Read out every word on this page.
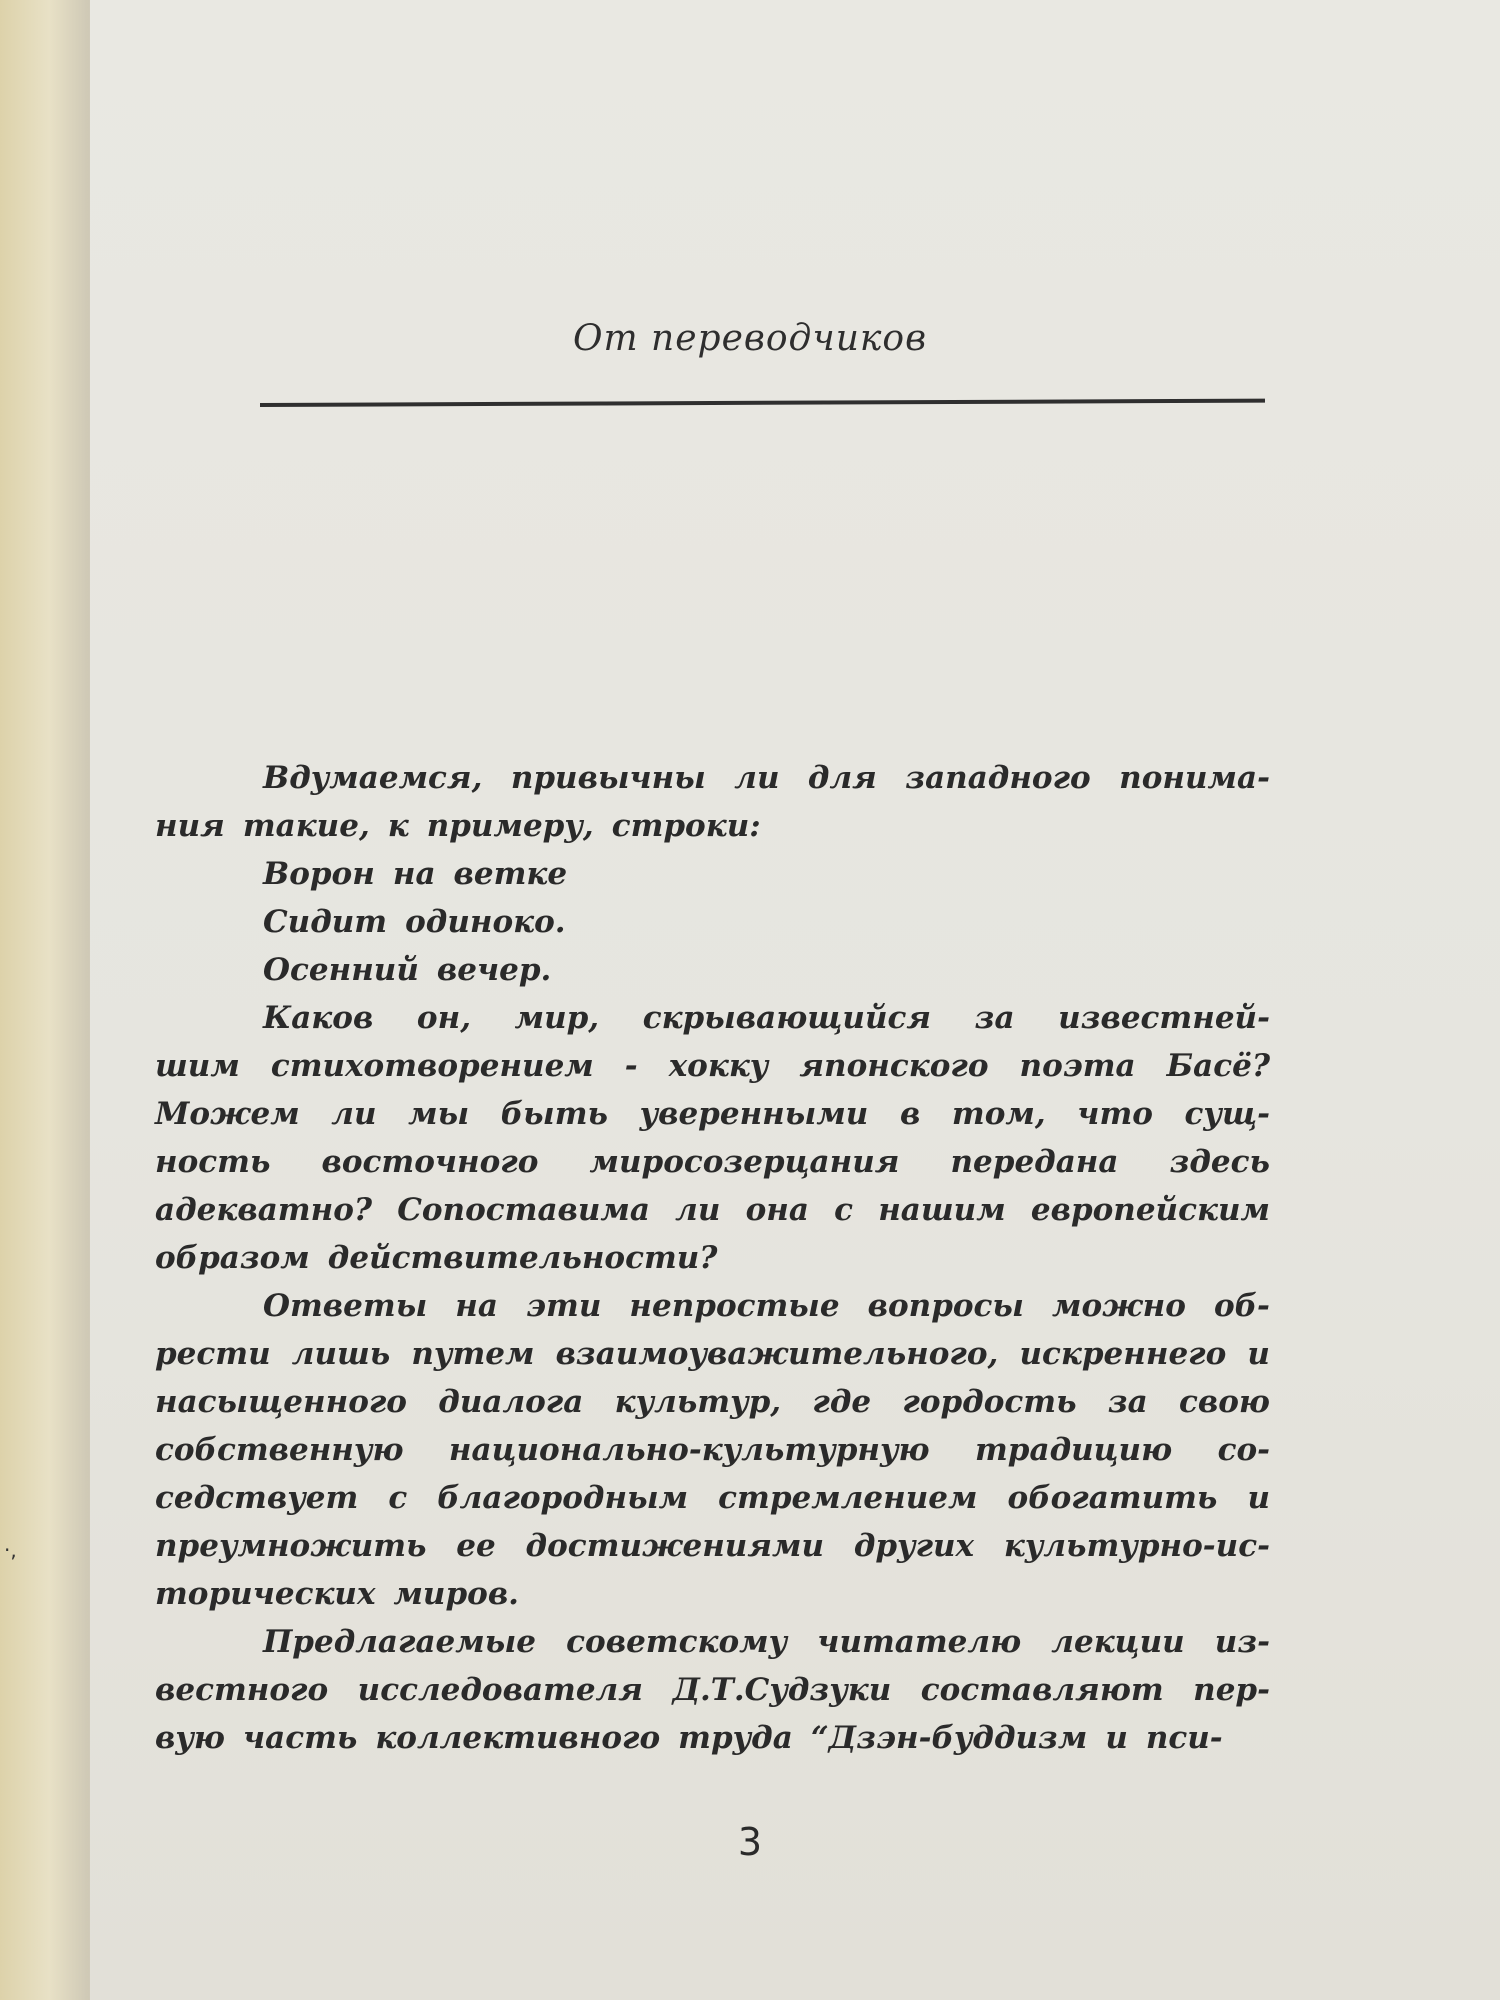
·,
От переводчиков
Вдумаемся, привычны ли для западного понима-
ния такие, к примеру, строки:
Ворон на ветке
Сидит одиноко.
Осенний вечер.
Каков он, мир, скрывающийся за известней-
шим стихотворением - хокку японского поэта Басё?
Можем ли мы быть уверенными в том, что сущ-
ность восточного миросозерцания передана здесь
адекватно? Сопоставима ли она с нашим европейским
образом действительности?
Ответы на эти непростые вопросы можно об-
рести лишь путем взаимоуважительного, искреннего и
насыщенного диалога культур, где гордость за свою
собственную национально-культурную традицию со-
седствует с благородным стремлением обогатить и
преумножить ее достижениями других культурно-ис-
торических миров.
Предлагаемые советскому читателю лекции из-
вестного исследователя Д.Т.Судзуки составляют пер-
вую часть коллективного труда “Дзэн-буддизм и пси-
3
